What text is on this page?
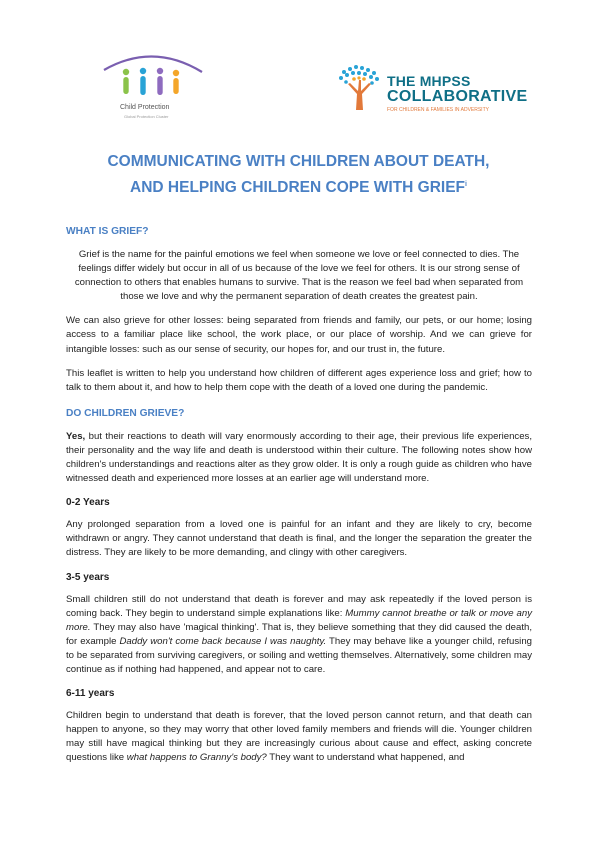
Child Protection
Global Protection Cluster
THE MHPSS
COLLABORATIVE
FOR CHILDREN & FAMILIES IN ADVERSITY
COMMUNICATING WITH CHILDREN ABOUT DEATH,
AND HELPING CHILDREN COPE WITH GRIEF$^i$
WHAT IS GRIEF?

Grief is the name for the painful emotions we feel when someone we love or feel connected to dies. The feelings differ widely but occur in all of us because of the love we feel for others. It is our strong sense of connection to others that enables humans to survive. That is the reason we feel bad when separated from those we love and why the permanent separation of death creates the greatest pain.

We can also grieve for other losses: being separated from friends and family, our pets, or our home; losing access to a familiar place like school, the work place, or our place of worship. And we can grieve for intangible losses: such as our sense of security, our hopes for, and our trust in, the future.

This leaflet is written to help you understand how children of different ages experience loss and grief; how to talk to them about it, and how to help them cope with the death of a loved one during the pandemic.

DO CHILDREN GRIEVE?

Yes, but their reactions to death will vary enormously according to their age, their previous life experiences, their personality and the way life and death is understood within their culture. The following notes show how children's understandings and reactions alter as they grow older. It is only a rough guide as children who have witnessed death and experienced more losses at an earlier age will understand more.

0-2 Years

Any prolonged separation from a loved one is painful for an infant and they are likely to cry, become withdrawn or angry. They cannot understand that death is final, and the longer the separation the greater the distress. They are likely to be more demanding, and clingy with other caregivers.

3-5 years

Small children still do not understand that death is forever and may ask repeatedly if the loved person is coming back. They begin to understand simple explanations like: Mummy cannot breathe or talk or move any more. They may also have 'magical thinking'. That is, they believe something that they did caused the death, for example Daddy won't come back because I was naughty. They may behave like a younger child, refusing to be separated from surviving caregivers, or soiling and wetting themselves. Alternatively, some children may continue as if nothing had happened, and appear not to care.

6-11 years

Children begin to understand that death is forever, that the loved person cannot return, and that death can happen to anyone, so they may worry that other loved family members and friends will die. Younger children may still have magical thinking but they are increasingly curious about cause and effect, asking concrete questions like what happens to Granny's body? They want to understand what happened, and
